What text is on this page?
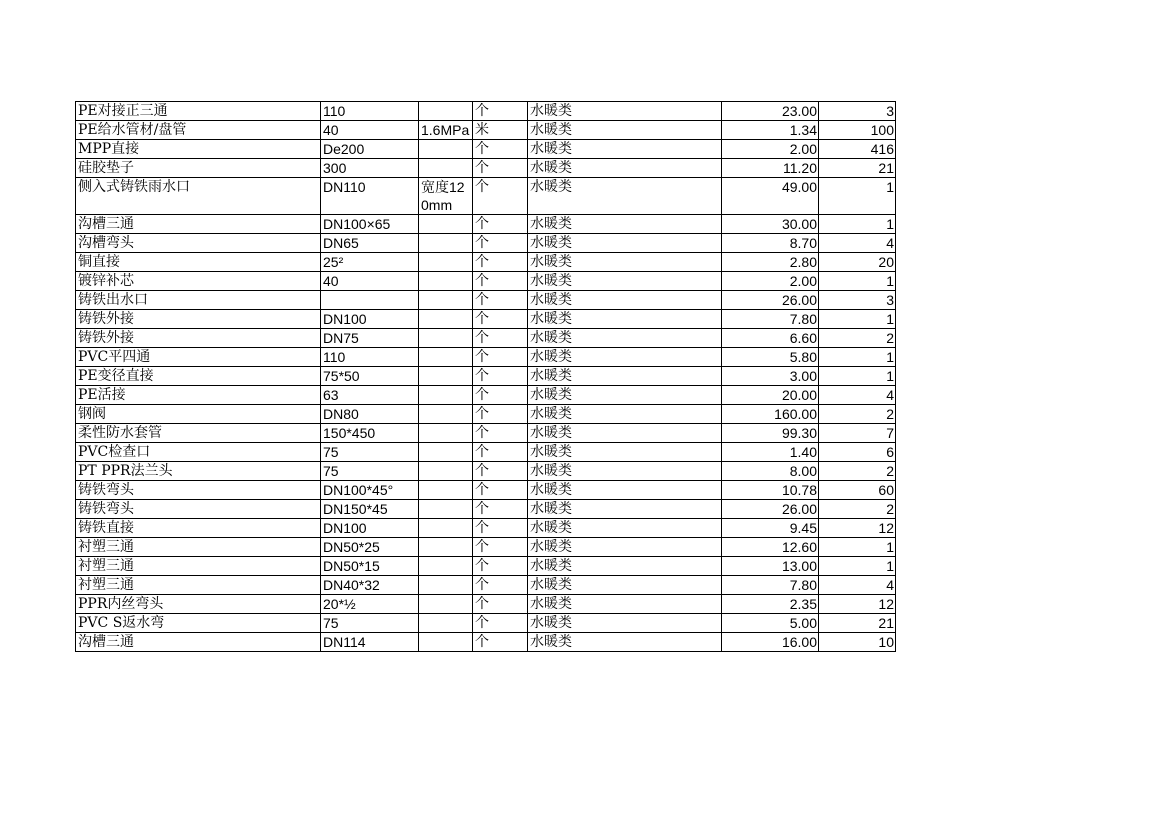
PE对接正三通	110		个	水暖类	23.00	3
PE给水管材/盘管	40	1.6MPa	米	水暖类	1.34	100
MPP直接	De200		个	水暖类	2.00	416
硅胶垫子	300		个	水暖类	11.20	21
侧入式铸铁雨水口	DN110	宽度120mm	个	水暖类	49.00	1
沟槽三通	DN100×65		个	水暖类	30.00	1
沟槽弯头	DN65		个	水暖类	8.70	4
铜直接	25²		个	水暖类	2.80	20
镀锌补芯	40		个	水暖类	2.00	1
铸铁出水口			个	水暖类	26.00	3
铸铁外接	DN100		个	水暖类	7.80	1
铸铁外接	DN75		个	水暖类	6.60	2
PVC平四通	110		个	水暖类	5.80	1
PE变径直接	75*50		个	水暖类	3.00	1
PE活接	63		个	水暖类	20.00	4
钢阀	DN80		个	水暖类	160.00	2
柔性防水套管	150*450		个	水暖类	99.30	7
PVC检查口	75		个	水暖类	1.40	6
PT PPR法兰头	75		个	水暖类	8.00	2
铸铁弯头	DN100*45°		个	水暖类	10.78	60
铸铁弯头	DN150*45		个	水暖类	26.00	2
铸铁直接	DN100		个	水暖类	9.45	12
衬塑三通	DN50*25		个	水暖类	12.60	1
衬塑三通	DN50*15		个	水暖类	13.00	1
衬塑三通	DN40*32		个	水暖类	7.80	4
PPR内丝弯头	20*½		个	水暖类	2.35	12
PVC S返水弯	75		个	水暖类	5.00	21
沟槽三通	DN114		个	水暖类	16.00	10
